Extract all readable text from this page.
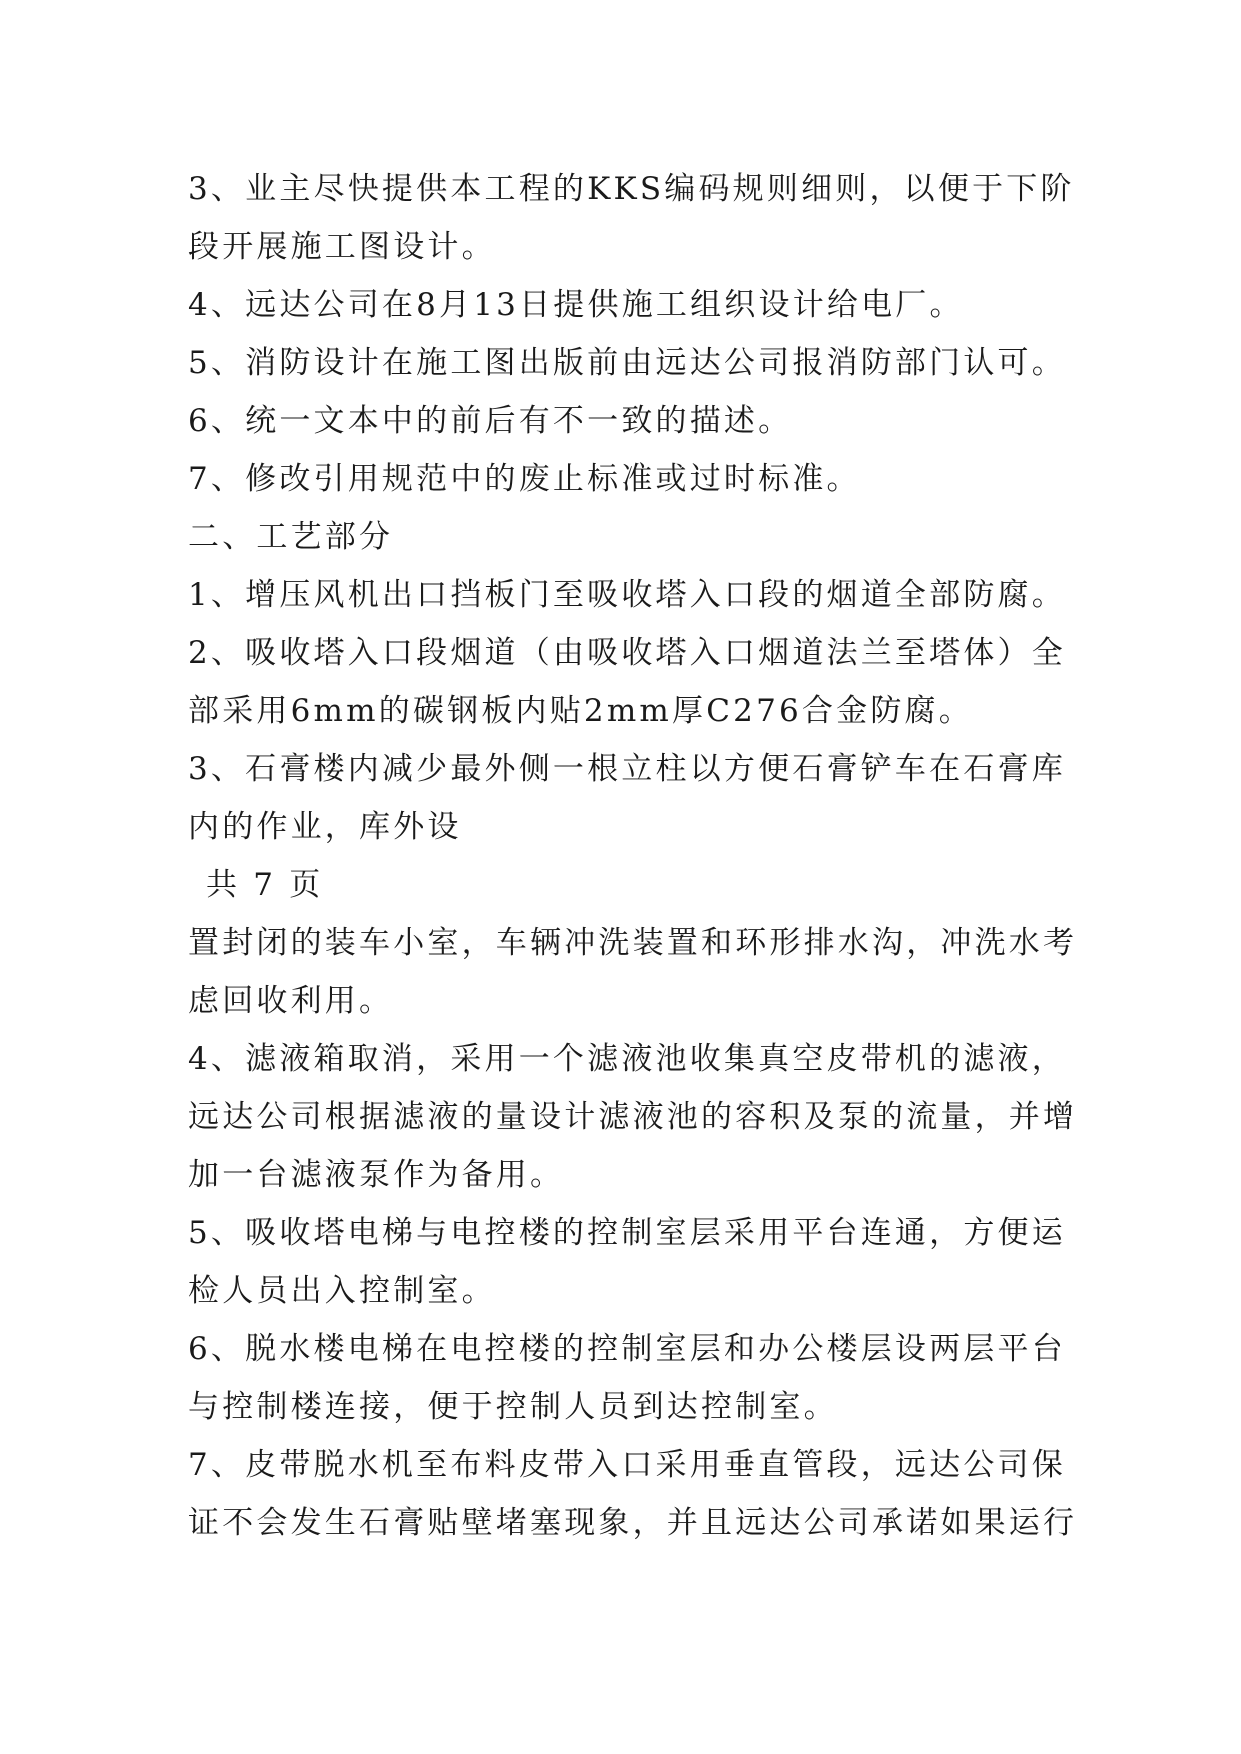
3、业主尽快提供本工程的KKS编码规则细则，以便于下阶
段开展施工图设计。
4、远达公司在8月13日提供施工组织设计给电厂。
5、消防设计在施工图出版前由远达公司报消防部门认可。
6、统一文本中的前后有不一致的描述。
7、修改引用规范中的废止标准或过时标准。
二、工艺部分
1、增压风机出口挡板门至吸收塔入口段的烟道全部防腐。
2、吸收塔入口段烟道（由吸收塔入口烟道法兰至塔体）全
部采用6mm的碳钢板内贴2mm厚C276合金防腐。
3、石膏楼内减少最外侧一根立柱以方便石膏铲车在石膏库
内的作业，库外设
共 7 页
置封闭的装车小室，车辆冲洗装置和环形排水沟，冲洗水考
虑回收利用。
4、滤液箱取消，采用一个滤液池收集真空皮带机的滤液，
远达公司根据滤液的量设计滤液池的容积及泵的流量，并增
加一台滤液泵作为备用。
5、吸收塔电梯与电控楼的控制室层采用平台连通，方便运
检人员出入控制室。
6、脱水楼电梯在电控楼的控制室层和办公楼层设两层平台
与控制楼连接，便于控制人员到达控制室。
7、皮带脱水机至布料皮带入口采用垂直管段，远达公司保
证不会发生石膏贴壁堵塞现象，并且远达公司承诺如果运行
